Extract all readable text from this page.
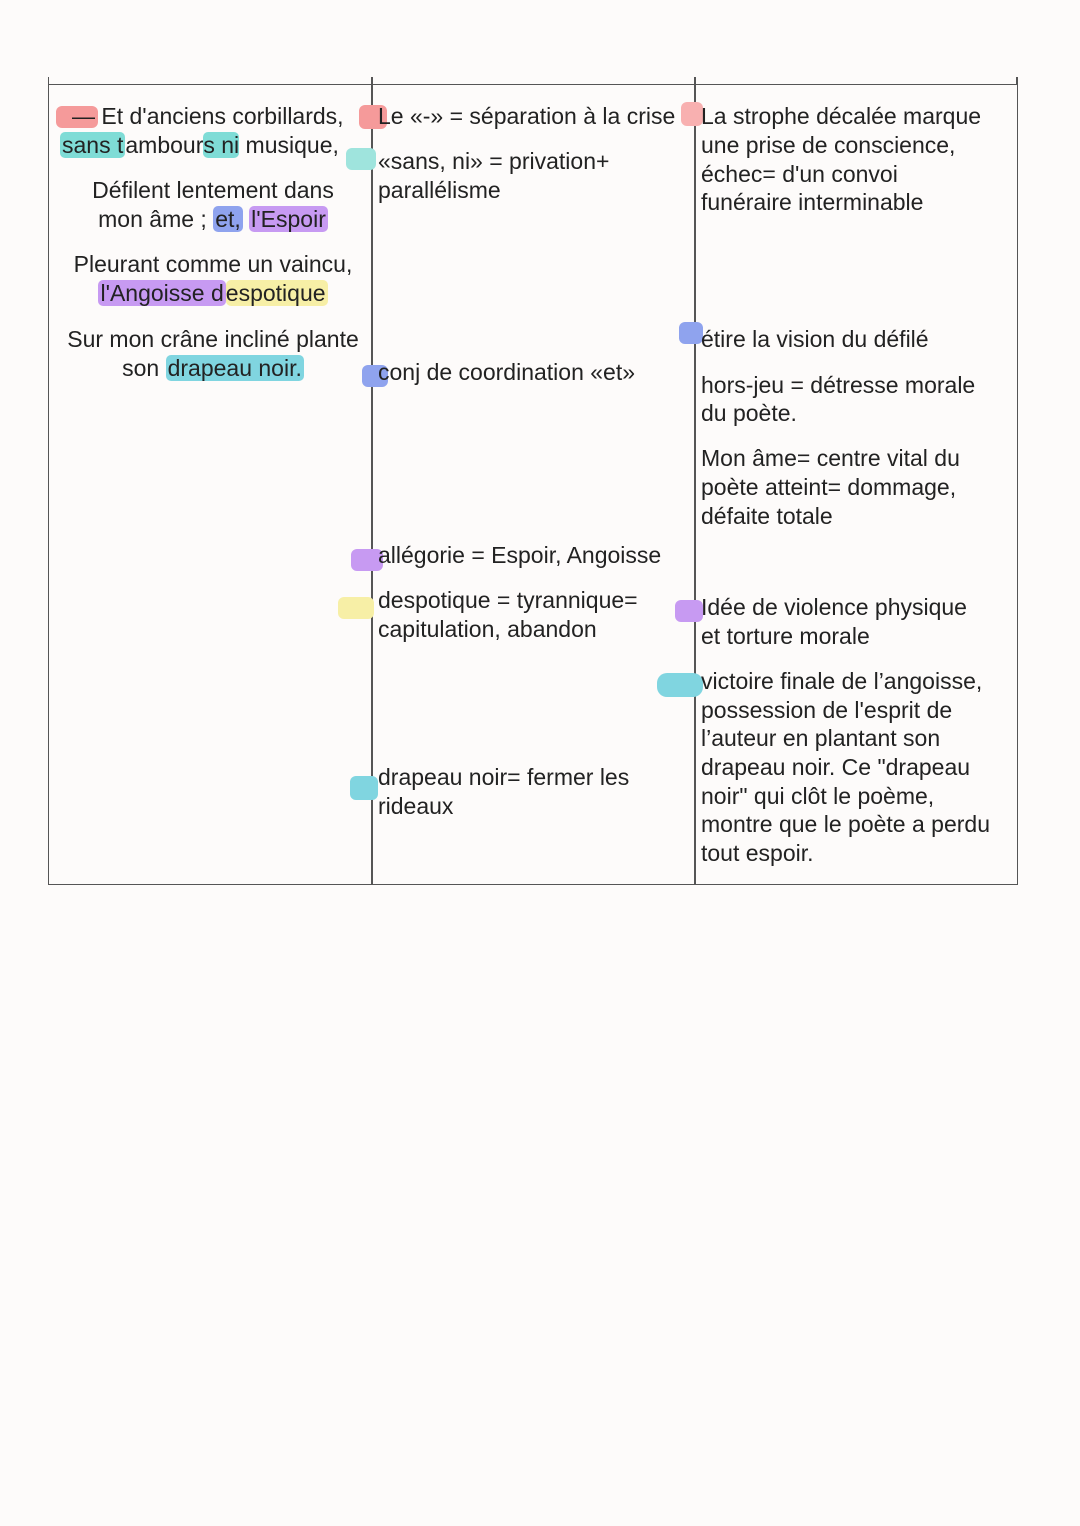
— Et d'anciens corbillards,
sans tambours ni musique,
Défilent lentement dans
mon âme ; et, l'Espoir
Pleurant comme un vaincu,
l'Angoisse despotique
Sur mon crâne incliné plante
son drapeau noir.
Le «-» = séparation à la crise
«sans, ni» = privation+
parallélisme
conj de coordination «et»
allégorie = Espoir, Angoisse
despotique = tyrannique=
capitulation, abandon
drapeau noir= fermer les
rideaux
La strophe décalée marque
une prise de conscience,
échec= d'un convoi
funéraire interminable
étire la vision du défilé
hors-jeu = détresse morale
du poète.
Mon âme= centre vital du
poète atteint= dommage,
défaite totale
Idée de violence physique
et torture morale
victoire finale de l’angoisse,
possession de l'esprit de
l’auteur en plantant son
drapeau noir. Ce "drapeau
noir" qui clôt le poème,
montre que le poète a perdu
tout espoir.
